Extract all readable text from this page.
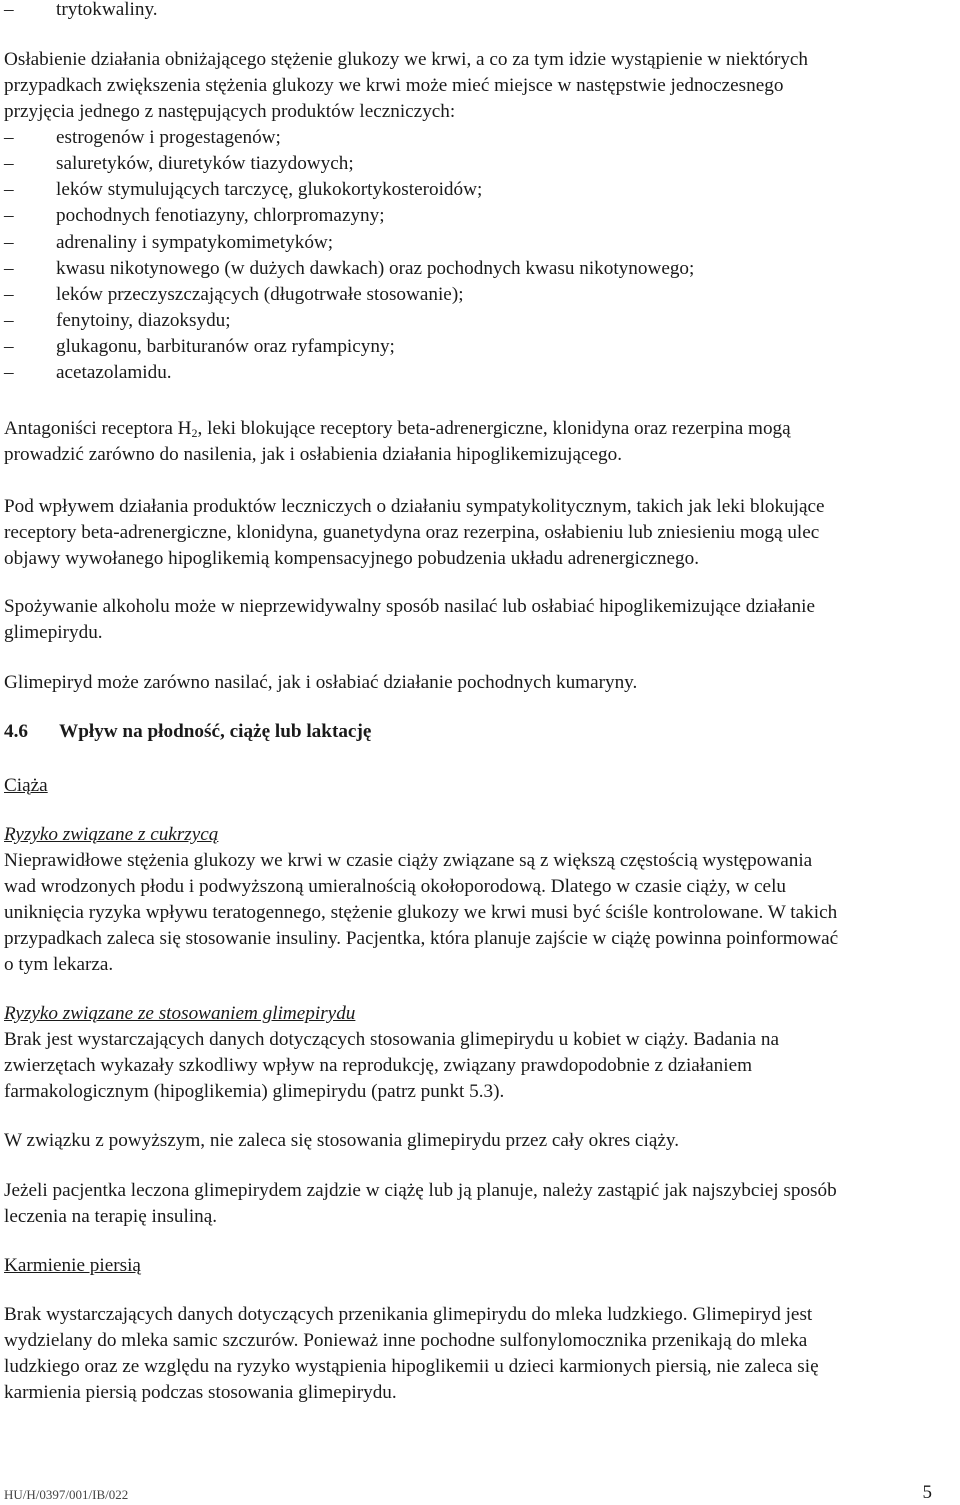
– trytokwaliny.
Osłabienie działania obniżającego stężenie glukozy we krwi, a co za tym idzie wystąpienie w niektórych
przypadkach zwiększenia stężenia glukozy we krwi może mieć miejsce w następstwie jednoczesnego
przyjęcia jednego z następujących produktów leczniczych:
– estrogenów i progestagenów;
– saluretyków, diuretyków tiazydowych;
– leków stymulujących tarczycę, glukokortykosteroidów;
– pochodnych fenotiazyny, chlorpromazyny;
– adrenaliny i sympatykomimetyków;
– kwasu nikotynowego (w dużych dawkach) oraz pochodnych kwasu nikotynowego;
– leków przeczyszczających (długotrwałe stosowanie);
– fenytoiny, diazoksydu;
– glukagonu, barbituranów oraz ryfampicyny;
– acetazolamidu.
Antagoniści receptora $H_2$, leki blokujące receptory beta-adrenergiczne, klonidyna oraz rezerpina mogą
prowadzić zarówno do nasilenia, jak i osłabienia działania hipoglikemizującego.
Pod wpływem działania produktów leczniczych o działaniu sympatykolitycznym, takich jak leki blokujące
receptory beta-adrenergiczne, klonidyna, guanetydyna oraz rezerpina, osłabieniu lub zniesieniu mogą ulec
objawy wywołanego hipoglikemią kompensacyjnego pobudzenia układu adrenergicznego.
Spożywanie alkoholu może w nieprzewidywalny sposób nasilać lub osłabiać hipoglikemizujące działanie
glimepirydu.
Glimepiryd może zarówno nasilać, jak i osłabiać działanie pochodnych kumaryny.
4.6 Wpływ na płodność, ciążę lub laktację
Ciąża
Ryzyko związane z cukrzycą
Nieprawidłowe stężenia glukozy we krwi w czasie ciąży związane są z większą częstością występowania
wad wrodzonych płodu i podwyższoną umieralnością okołoporodową. Dlatego w czasie ciąży, w celu
uniknięcia ryzyka wpływu teratogennego, stężenie glukozy we krwi musi być ściśle kontrolowane. W takich
przypadkach zaleca się stosowanie insuliny. Pacjentka, która planuje zajście w ciążę powinna poinformować
o tym lekarza.
Ryzyko związane ze stosowaniem glimepirydu
Brak jest wystarczających danych dotyczących stosowania glimepirydu u kobiet w ciąży. Badania na
zwierzętach wykazały szkodliwy wpływ na reprodukcję, związany prawdopodobnie z działaniem
farmakologicznym (hipoglikemia) glimepirydu (patrz punkt 5.3).
W związku z powyższym, nie zaleca się stosowania glimepirydu przez cały okres ciąży.
Jeżeli pacjentka leczona glimepirydem zajdzie w ciążę lub ją planuje, należy zastąpić jak najszybciej sposób
leczenia na terapię insuliną.
Karmienie piersią
Brak wystarczających danych dotyczących przenikania glimepirydu do mleka ludzkiego. Glimepiryd jest
wydzielany do mleka samic szczurów. Ponieważ inne pochodne sulfonylomocznika przenikają do mleka
ludzkiego oraz ze względu na ryzyko wystąpienia hipoglikemii u dzieci karmionych piersią, nie zaleca się
karmienia piersią podczas stosowania glimepirydu.
HU/H/0397/001/IB/022	5
